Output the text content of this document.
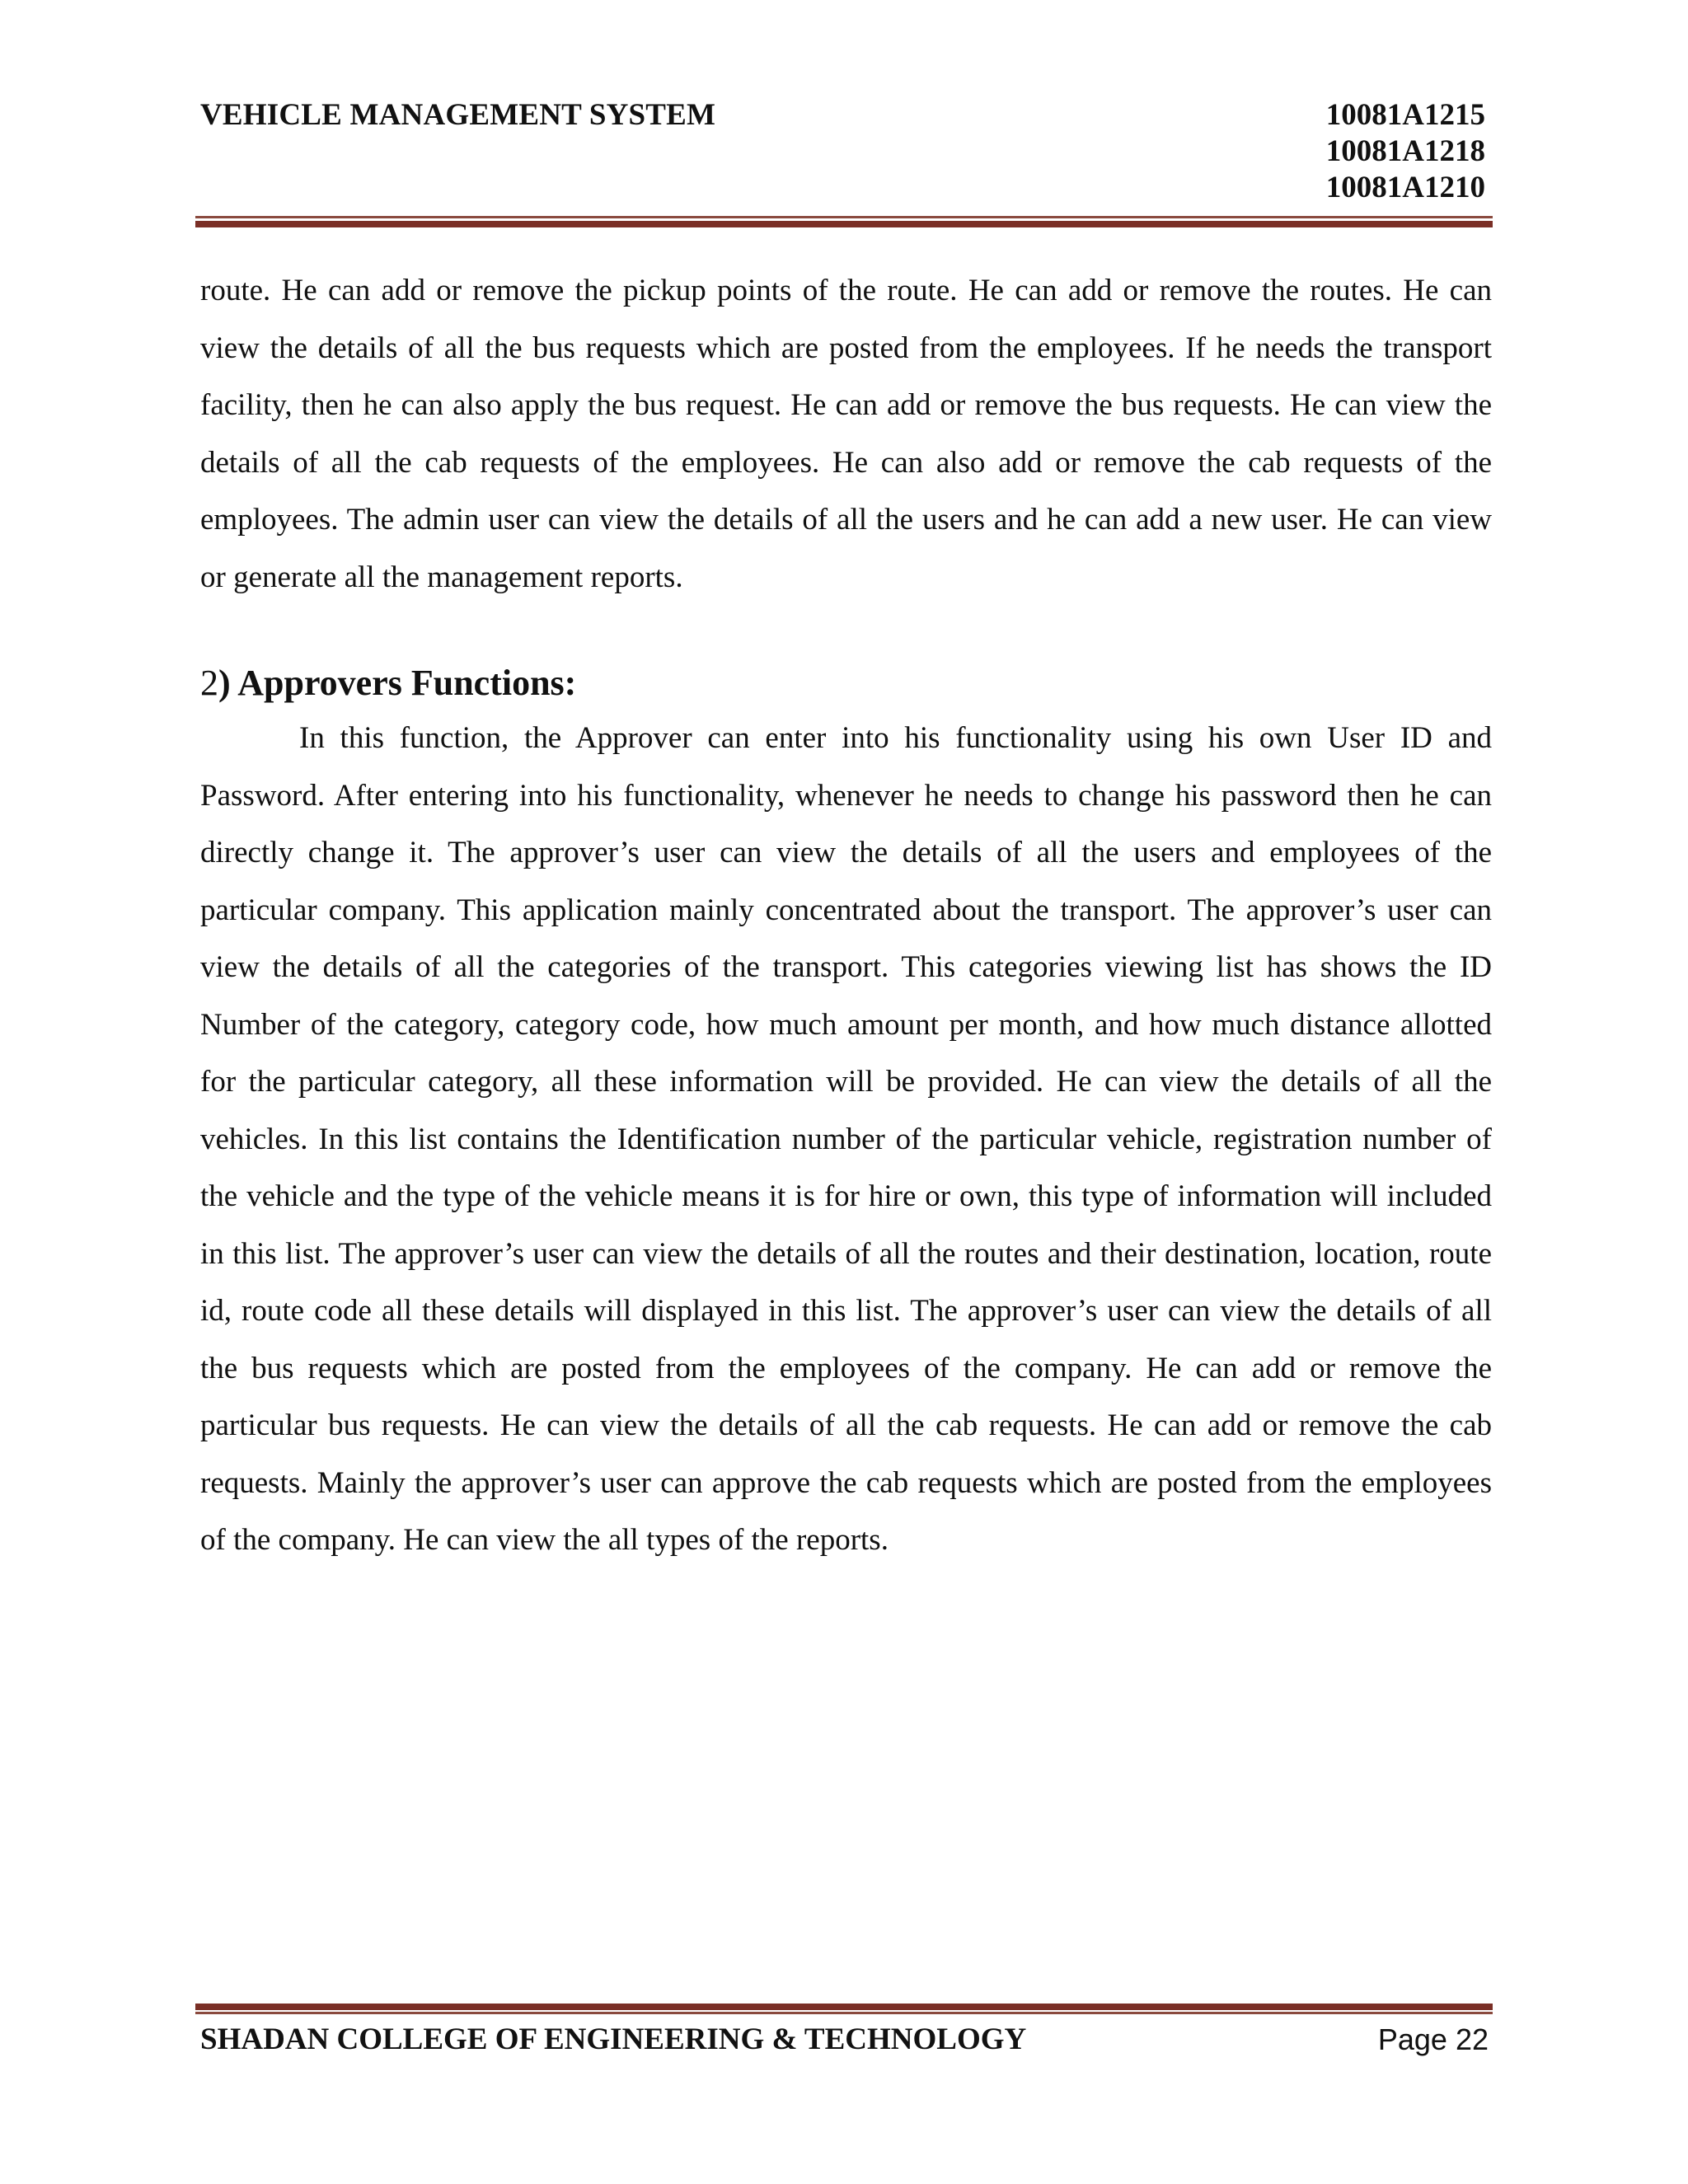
VEHICLE MANAGEMENT SYSTEM	10081A1215
10081A1218
10081A1210

route. He can add or remove the pickup points of the route. He can add or remove the routes. He can view the details of all the bus requests which are posted from the employees. If he needs the transport facility, then he can also apply the bus request. He can add or remove the bus requests. He can view the details of all the cab requests of the employees. He can also add or remove the cab requests of the employees. The admin user can view the details of all the users and he can add a new user. He can view or generate all the management reports.

2) Approvers Functions:

In this function, the Approver can enter into his functionality using his own User ID and Password. After entering into his functionality, whenever he needs to change his password then he can directly change it. The approver’s user can view the details of all the users and employees of the particular company. This application mainly concentrated about the transport. The approver’s user can view the details of all the categories of the transport. This categories viewing list has shows the ID Number of the category, category code, how much amount per month, and how much distance allotted for the particular category, all these information will be provided. He can view the details of all the vehicles. In this list contains the Identification number of the particular vehicle, registration number of the vehicle and the type of the vehicle means it is for hire or own, this type of information will included in this list. The approver’s user can view the details of all the routes and their destination, location, route id, route code all these details will displayed in this list. The approver’s user can view the details of all the bus requests which are posted from the employees of the company. He can add or remove the particular bus requests. He can view the details of all the cab requests. He can add or remove the cab requests. Mainly the approver’s user can approve the cab requests which are posted from the employees of the company. He can view the all types of the reports.

SHADAN COLLEGE OF ENGINEERING & TECHNOLOGY	Page 22
